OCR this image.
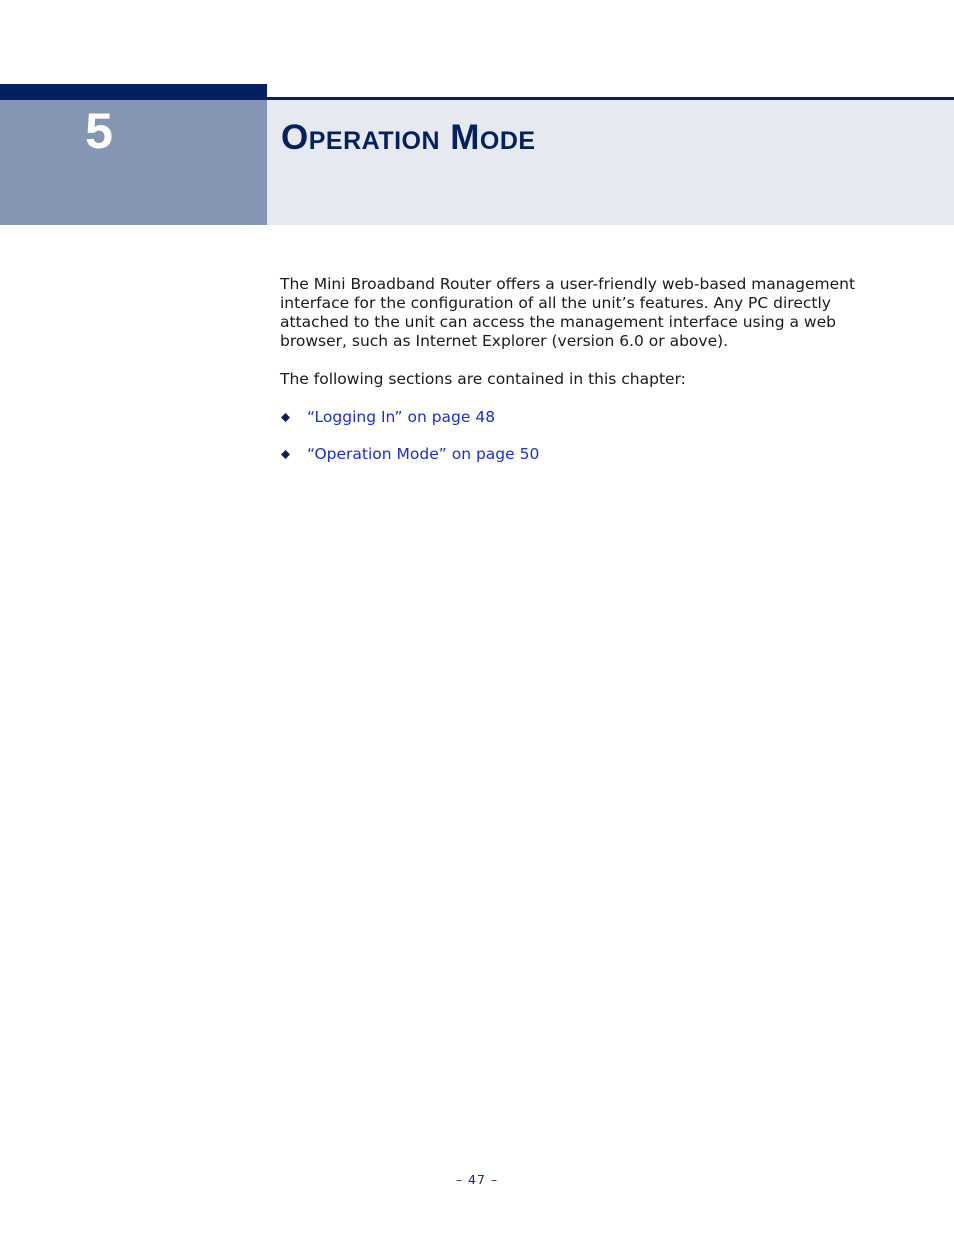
5	Operation Mode

The Mini Broadband Router offers a user-friendly web-based management interface for the configuration of all the unit’s features. Any PC directly attached to the unit can access the management interface using a web browser, such as Internet Explorer (version 6.0 or above).

The following sections are contained in this chapter:

“Logging In” on page 48
“Operation Mode” on page 50
– 47 –
